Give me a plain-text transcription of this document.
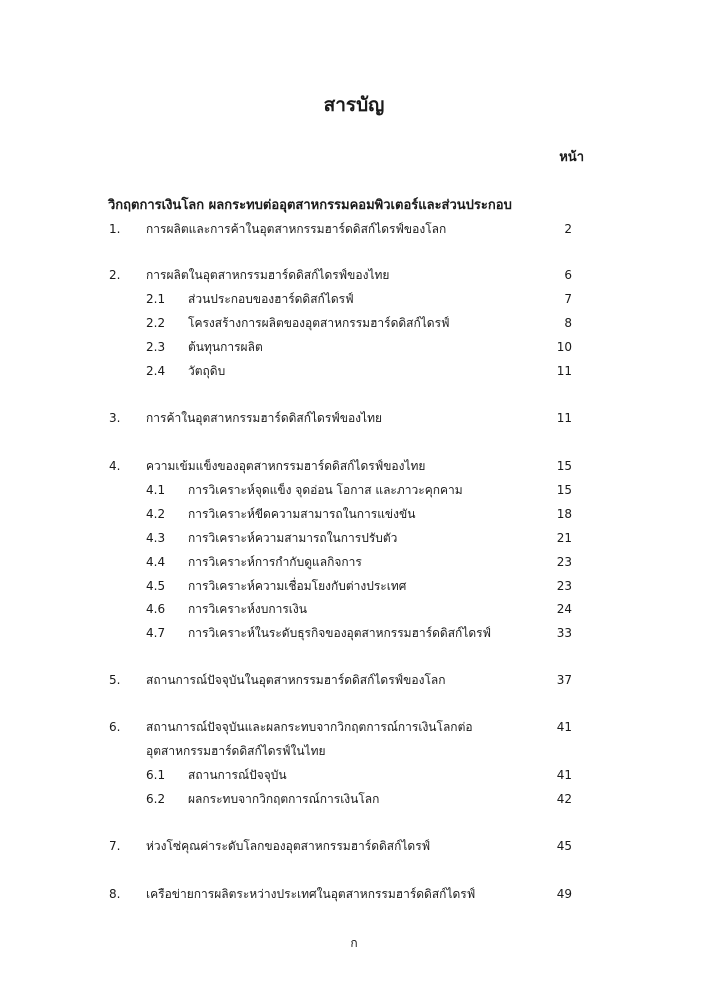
สารบัญ
หน้า
วิกฤตการเงินโลก ผลกระทบต่ออุตสาหกรรมคอมพิวเตอร์และส่วนประกอบ
1. การผลิตและการค้าในอุตสาหกรรมฮาร์ดดิสก์ไดรฟ์ของโลก	2
2. การผลิตในอุตสาหกรรมฮาร์ดดิสก์ไดรฟ์ของไทย	6
2.1 ส่วนประกอบของฮาร์ดดิสก์ไดรฟ์	7
2.2 โครงสร้างการผลิตของอุตสาหกรรมฮาร์ดดิสก์ไดรฟ์	8
2.3 ต้นทุนการผลิต	10
2.4 วัตถุดิบ	11
3. การค้าในอุตสาหกรรมฮาร์ดดิสก์ไดรฟ์ของไทย	11
4. ความเข้มแข็งของอุตสาหกรรมฮาร์ดดิสก์ไดรฟ์ของไทย	15
4.1 การวิเคราะห์จุดแข็ง จุดอ่อน โอกาส และภาวะคุกคาม	15
4.2 การวิเคราะห์ขีดความสามารถในการแข่งขัน	18
4.3 การวิเคราะห์ความสามารถในการปรับตัว	21
4.4 การวิเคราะห์การกำกับดูแลกิจการ	23
4.5 การวิเคราะห์ความเชื่อมโยงกับต่างประเทศ	23
4.6 การวิเคราะห์งบการเงิน	24
4.7 การวิเคราะห์ในระดับธุรกิจของอุตสาหกรรมฮาร์ดดิสก์ไดรฟ์	33
5. สถานการณ์ปัจจุบันในอุตสาหกรรมฮาร์ดดิสก์ไดรฟ์ของโลก	37
6. สถานการณ์ปัจจุบันและผลกระทบจากวิกฤตการณ์การเงินโลกต่อ	41
อุตสาหกรรมฮาร์ดดิสก์ไดรฟ์ในไทย
6.1 สถานการณ์ปัจจุบัน	41
6.2 ผลกระทบจากวิกฤตการณ์การเงินโลก	42
7. ห่วงโซ่คุณค่าระดับโลกของอุตสาหกรรมฮาร์ดดิสก์ไดรฟ์	45
8. เครือข่ายการผลิตระหว่างประเทศในอุตสาหกรรมฮาร์ดดิสก์ไดรฟ์	49
ก
